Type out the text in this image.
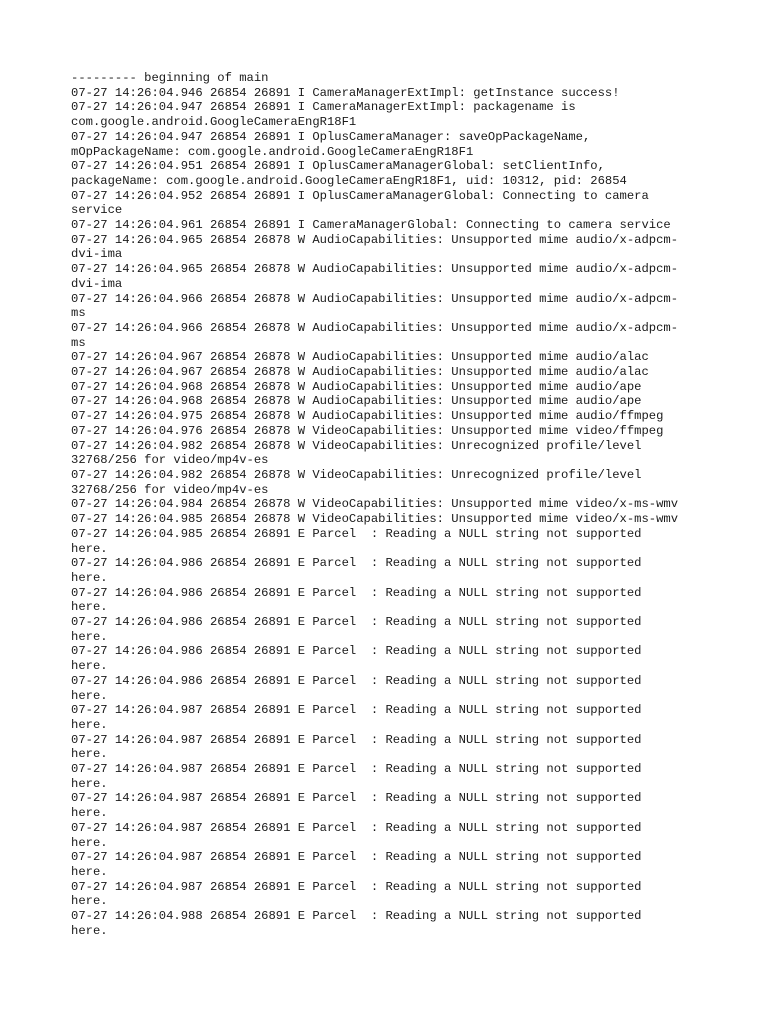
--------- beginning of main
07-27 14:26:04.946 26854 26891 I CameraManagerExtImpl: getInstance success!
07-27 14:26:04.947 26854 26891 I CameraManagerExtImpl: packagename is
com.google.android.GoogleCameraEngR18F1
07-27 14:26:04.947 26854 26891 I OplusCameraManager: saveOpPackageName,
mOpPackageName: com.google.android.GoogleCameraEngR18F1
07-27 14:26:04.951 26854 26891 I OplusCameraManagerGlobal: setClientInfo,
packageName: com.google.android.GoogleCameraEngR18F1, uid: 10312, pid: 26854
07-27 14:26:04.952 26854 26891 I OplusCameraManagerGlobal: Connecting to camera
service
07-27 14:26:04.961 26854 26891 I CameraManagerGlobal: Connecting to camera service
07-27 14:26:04.965 26854 26878 W AudioCapabilities: Unsupported mime audio/x-adpcm-
dvi-ima
07-27 14:26:04.965 26854 26878 W AudioCapabilities: Unsupported mime audio/x-adpcm-
dvi-ima
07-27 14:26:04.966 26854 26878 W AudioCapabilities: Unsupported mime audio/x-adpcm-
ms
07-27 14:26:04.966 26854 26878 W AudioCapabilities: Unsupported mime audio/x-adpcm-
ms
07-27 14:26:04.967 26854 26878 W AudioCapabilities: Unsupported mime audio/alac
07-27 14:26:04.967 26854 26878 W AudioCapabilities: Unsupported mime audio/alac
07-27 14:26:04.968 26854 26878 W AudioCapabilities: Unsupported mime audio/ape
07-27 14:26:04.968 26854 26878 W AudioCapabilities: Unsupported mime audio/ape
07-27 14:26:04.975 26854 26878 W AudioCapabilities: Unsupported mime audio/ffmpeg
07-27 14:26:04.976 26854 26878 W VideoCapabilities: Unsupported mime video/ffmpeg
07-27 14:26:04.982 26854 26878 W VideoCapabilities: Unrecognized profile/level
32768/256 for video/mp4v-es
07-27 14:26:04.982 26854 26878 W VideoCapabilities: Unrecognized profile/level
32768/256 for video/mp4v-es
07-27 14:26:04.984 26854 26878 W VideoCapabilities: Unsupported mime video/x-ms-wmv
07-27 14:26:04.985 26854 26878 W VideoCapabilities: Unsupported mime video/x-ms-wmv
07-27 14:26:04.985 26854 26891 E Parcel  : Reading a NULL string not supported
here.
07-27 14:26:04.986 26854 26891 E Parcel  : Reading a NULL string not supported
here.
07-27 14:26:04.986 26854 26891 E Parcel  : Reading a NULL string not supported
here.
07-27 14:26:04.986 26854 26891 E Parcel  : Reading a NULL string not supported
here.
07-27 14:26:04.986 26854 26891 E Parcel  : Reading a NULL string not supported
here.
07-27 14:26:04.986 26854 26891 E Parcel  : Reading a NULL string not supported
here.
07-27 14:26:04.987 26854 26891 E Parcel  : Reading a NULL string not supported
here.
07-27 14:26:04.987 26854 26891 E Parcel  : Reading a NULL string not supported
here.
07-27 14:26:04.987 26854 26891 E Parcel  : Reading a NULL string not supported
here.
07-27 14:26:04.987 26854 26891 E Parcel  : Reading a NULL string not supported
here.
07-27 14:26:04.987 26854 26891 E Parcel  : Reading a NULL string not supported
here.
07-27 14:26:04.987 26854 26891 E Parcel  : Reading a NULL string not supported
here.
07-27 14:26:04.987 26854 26891 E Parcel  : Reading a NULL string not supported
here.
07-27 14:26:04.988 26854 26891 E Parcel  : Reading a NULL string not supported
here.
